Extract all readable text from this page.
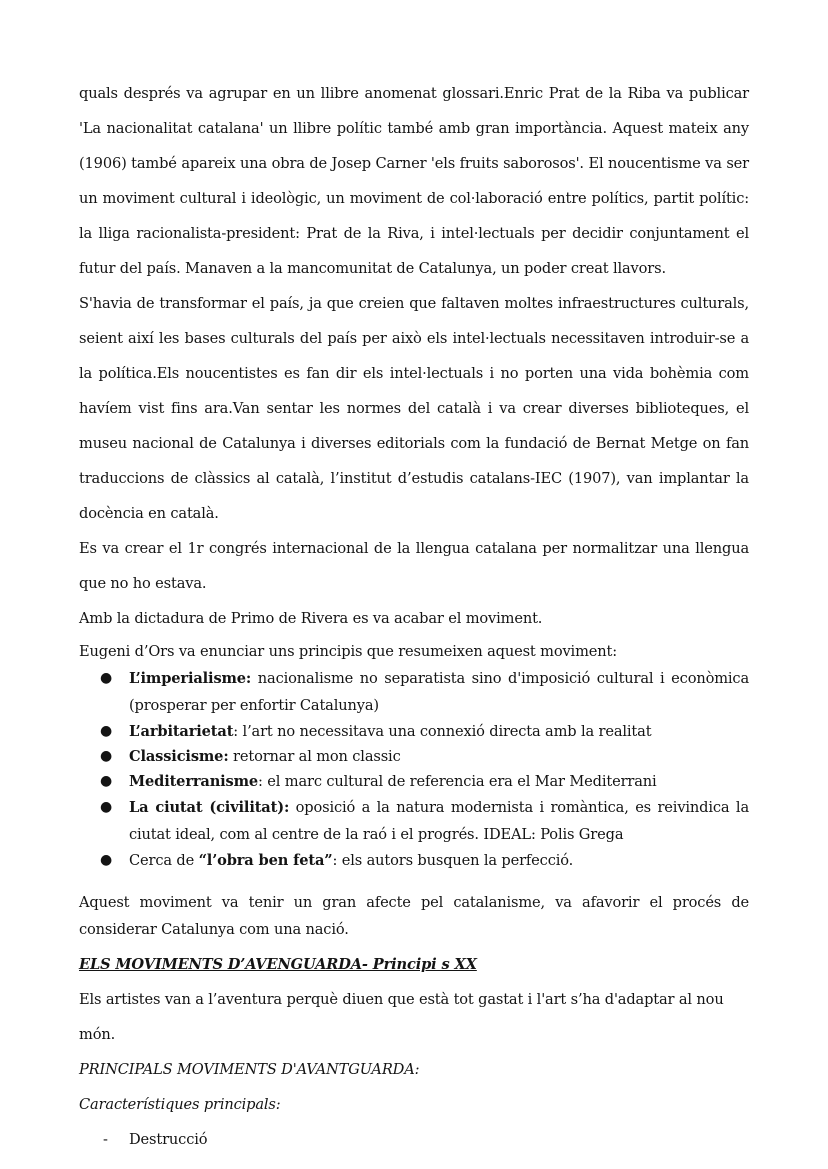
quals després va agrupar en un llibre anomenat glossari.Enric Prat de la Riba va publicar 'La nacionalitat catalana' un llibre polític també amb gran importància. Aquest mateix any (1906) també apareix una obra de Josep Carner 'els fruits saborosos'. El noucentisme va ser un moviment cultural i ideològic, un moviment de col·laboració entre polítics, partit polític: la lliga racionalista-president: Prat de la Riva, i intel·lectuals per decidir conjuntament el futur del país. Manaven a la mancomunitat de Catalunya, un poder creat llavors.

S'havia de transformar el país, ja que creien que faltaven moltes infraestructures culturals, seient així les bases culturals del país per això els intel·lectuals necessitaven introduir-se a la política.Els noucentistes es fan dir els intel·lectuals i no porten una vida bohèmia com havíem vist fins ara.Van sentar les normes del català i va crear diverses biblioteques, el museu nacional de Catalunya i diverses editorials com la fundació de Bernat Metge on fan traduccions de clàssics al català, l’institut d’estudis catalans-IEC (1907), van implantar la docència en català.

Es va crear el 1r congrés internacional de la llengua catalana per normalitzar una llengua que no ho estava.

Amb la dictadura de Primo de Rivera es va acabar el moviment.

Eugeni d’Ors va enunciar uns principis que resumeixen aquest moviment:

● L’imperialisme: nacionalisme no separatista sino d'imposició cultural i econòmica (prosperar per enfortir Catalunya)
● L’arbitarietat: l’art no necessitava una connexió directa amb la realitat
● Classicisme: retornar al mon classic
● Mediterranisme: el marc cultural de referencia era el Mar Mediterrani
● La ciutat (civilitat): oposició a la natura modernista i romàntica, es reivindica la ciutat ideal, com al centre de la raó i el progrés. IDEAL: Polis Grega
● Cerca de “l’obra ben feta”: els autors busquen la perfecció.

Aquest moviment va tenir un gran afecte pel catalanisme, va afavorir el procés de considerar Catalunya com una nació.

ELS MOVIMENTS D’AVENGUARDA- Principi s XX

Els artistes van a l’aventura perquè diuen que està tot gastat i l'art s’ha d'adaptar al nou món.

PRINCIPALS MOVIMENTS D'AVANTGUARDA:

Característiques principals:

- Destrucció
